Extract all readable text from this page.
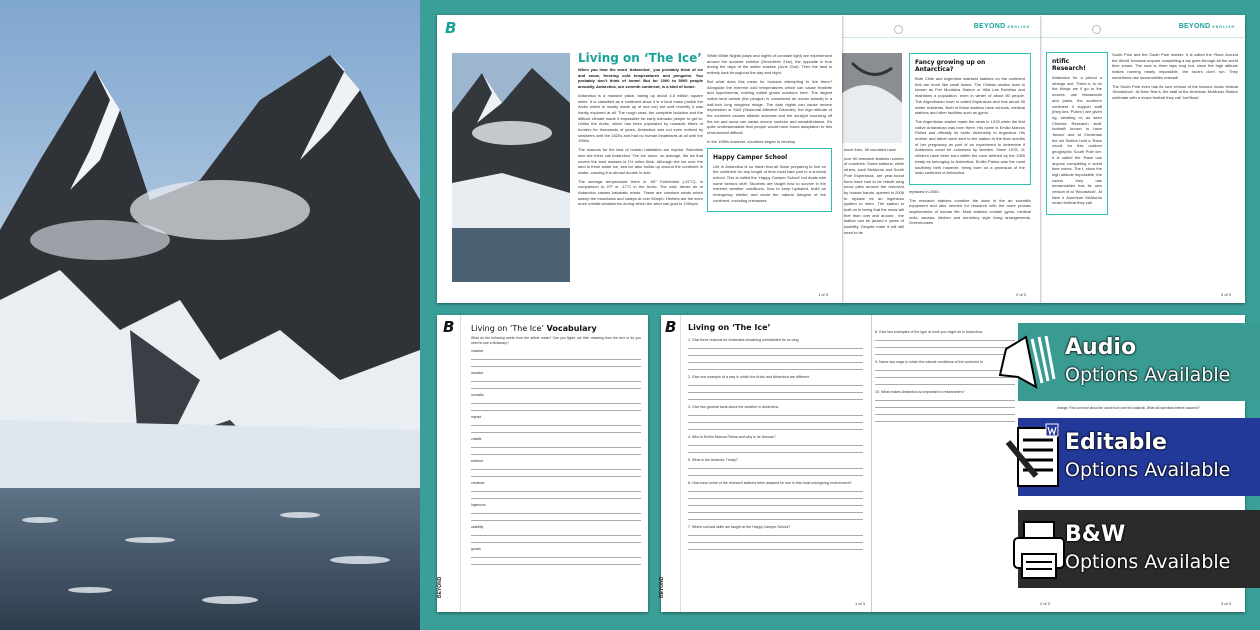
BEYOND ENGLISH
ntific Research!
Antarctica for a period a strange one. There s, to do the things we ll go to the movies, use restaurants and parks. the southern continent ll support staff (they kes ‘Polies’) are given ng, sledding or, as seen Chinese Research staff, football! known to have ‘beach’ and at Christmas the ole Station hold a ‘Race circuit for this outdoor geographic South Pole ker. It is called the ‘Race use anyone completing e world time zones. The t, since the high altitude impossible, the racers they use snowmobiles has its own version of al ‘Woodstock’. At New e American McMurdo music festival they call
South Pole and the South Pole marker. It is called the ‘Race Around the World’ because anyone completing a lap goes through all the world time zones. The race is three laps long but, since the high altitude makes running nearly impossible, the racers don’t run. They sometimes use snowmobiles instead!
The South Pole even has its own version of the famous music festival ‘Woodstock’. At New Year’s, the staff at the American McMurdo Station celebrate with a music festival they call ‘IceStock’.
3 of 3
BEYOND ENGLISH
since then, 38 countries have
over 50 research stations number of countries. Some stations, while others, such McMurdo and South Pole Esperanza, are year-round tions have had to be rebuilt wing snow piles around the removed by human hands. opened in 2008 to replace es an ingenious system to stem. The station is built on le being that the snow will ther than over and around , the station can be jacked e years of usability. Despite mate it will still need to be
Fancy growing up on Antarctica?
Both Chile and Argentina maintain stations on the continent that are more like small towns. The Chilean station town is known as Frei Montalva Station or Villa Las Estrellas and maintains a population, even in winter of about 80 people. The Argentinean town is called Esperanza and has about 55 winter residents. Both of these stations have schools, medical stations and other facilities such as gyms.
The Argentinian station made the news in 1978 when the first native Antarctican was born there. His name is Emilio Marcos Palma and officially he holds citizenship to Argentina. His mother and father were sent to the station in the final months of her pregnancy as part of an experiment to determine if Antarctica could be colonised by families. Since 1978, 11 children have been born within the zone defined by the 1959 treaty as belonging to Antarctica. Emilio Palma was the most southerly birth however, being born on a peninsula of the main continent of Antarctica.
replaced in 2050.
The research stations combine the state of the art scientific equipment and labs needed for research with the more prosaic requirements of human life. Most stations contain gyms, medical units, saunas, kitchen and dormitory style living arrangements. Greenhouses
2 of 3
B
Living on ‘The Ice’
When you hear the word ‘Antarctica’, you probably think of ice and snow, freezing cold temperatures and penguins. You probably don’t think of home! But for 1000 to 5000 people annually, Antarctica, our seventh continent, is a kind of home.
Antarctica is a massive place, taking up about 4.5 million square miles. It is classified as a continent since it is a land mass (unlike the Arctic which is mostly made up of sea ice) but until recently it was hardly explored at all. The rough seas, the complete isolation and the difficult climate made it impossible for early nomadic people to get to. Unlike the Arctic, which has been populated by nomadic tribes of hunters for thousands of years, Antarctica was not even noticed by seafarers until the 1820s and had no human inhabitants at all until the 1950s.
The reasons for the lack of human habitation are myriad. Scientists who live there call Antarctica ‘The Ice’ since, on average, the ice that covers the land masses is 1½ miles thick. Although the ice over the land is fresh water ice, sea ice also builds up around the continent in winter, causing it to almost double in size.
The average temperature there is -60° Fahrenheit (-51°C), in comparison to 0°F or -17°C in the Arctic. The cold, dense air of Antarctica causes katabatic winds. These are constant winds which sweep the mountains and valleys at over 60mph. Herbies are the even more volatile windstorms during which the wind can gust to 100mph.
While White Nights (days and nights of constant light) are experienced around the summer solstice (December 21st), the opposite is true during the days of the winter solstice (June 21st). Then the land is entirely dark throughout the day and night.
But what does this mean for humans attempting to live there? Alongside the extreme cold temperatures which can cause frostbite and hypothermia, nothing edible grows outdoors here. The largest native land animal (the penguin is considered an ocean animal) is a half-inch long wingless midge. The dark nights can cause severe depression or SAD (Seasonal Affective Disorder), the high altitude of the continent causes altitude sickness and the sunlight bouncing off the ice and snow can cause severe sunburn and snowblindness. It’s quite understandable that people would have found adaptation to this environment difficult.
In the 1950s however, countries began to develop
Happy Camper School
Life in Antarctica is so harsh that all those preparing to live on the continent for any length of time must take part in a survival school. This is called the ‘Happy Camper School’ but deals with some serious stuff. Students are taught how to survive in the extreme weather conditions, how to keep hydrated, build an emergency shelter and avoid the natural dangers of the continent, including crevasses.
1 of 3
B
BEYOND
Living on ‘The Ice’ Vocabulary
What do the following words from the article mean? Can you figure out their meaning from the text or do you need to use a dictionary?
massive
isolation
nomadic
myriad
volatile
extreme
crevasse
ingenious
usability
gnosis
B
BEYOND
Living on ‘The Ice’
1. Give three reasons for Antarctica remaining uninhabited for so long.
2. Give one example of a way in which the Arctic and Antarctica are different.
3. Give two general facts about the weather in Antarctica.
4. Who is Emilio Marcos Palma and why is he famous?
5. What is the Antarctic Treaty?
6. How have some of the research stations been adapted for use in this most unforgiving environment?
7. Which survival skills are taught at the Happy Camper School?
1 of 3
8. Give two examples of the type of work you might do in Antarctica.
9. Name two ways in which the natural conditions of the continent in
10. What makes Antarctica so important to researchers?
2 of 3
change. Find out more about the ozone hole over the Antarctic. What did scientists believe caused it?
3 of 3
Audio
Options Available
Editable
Options Available
B&W
Options Available
